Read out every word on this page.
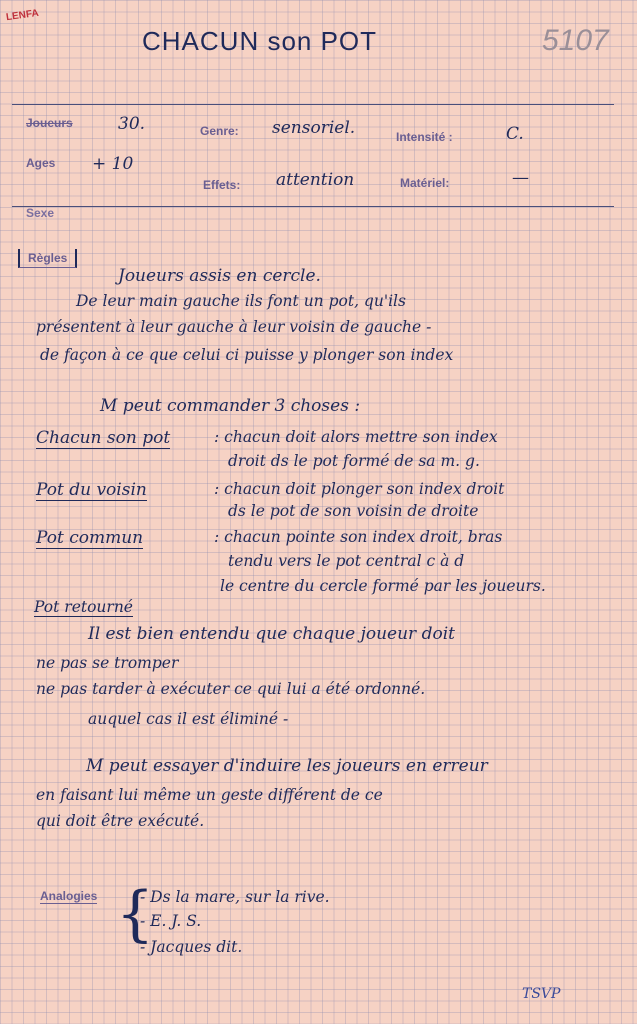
LENFA
5107
CHACUN son POT
Joueurs	30.	Genre: sensoriel.	Intensité :	C.
Ages + 10
Effets: attention	Matériel:	—
Sexe
Règles
Joueurs assis en cercle.
De leur main gauche ils font un pot, qu'ils
présentent à leur gauche à leur voisin de gauche -
de façon à ce que celui ci puisse y plonger son index
M peut commander 3 choses :
Chacun son pot	: chacun doit alors mettre son index
droit ds le pot formé de sa m. g.
Pot du voisin	: chacun doit plonger son index droit
ds le pot de son voisin de droite
Pot commun	: chacun pointe son index droit, bras
tendu vers le pot central c à d
le centre du cercle formé par les joueurs.
Pot retourné
Il est bien entendu que chaque joueur doit
ne pas se tromper
ne pas tarder à exécuter ce qui lui a été ordonné.
auquel cas il est éliminé -
M peut essayer d'induire les joueurs en erreur
en faisant lui même un geste différent de ce
qui doit être exécuté.
Analogies {
- Ds la mare, sur la rive.
- E. J. S.
- Jacques dit.
TSVP
